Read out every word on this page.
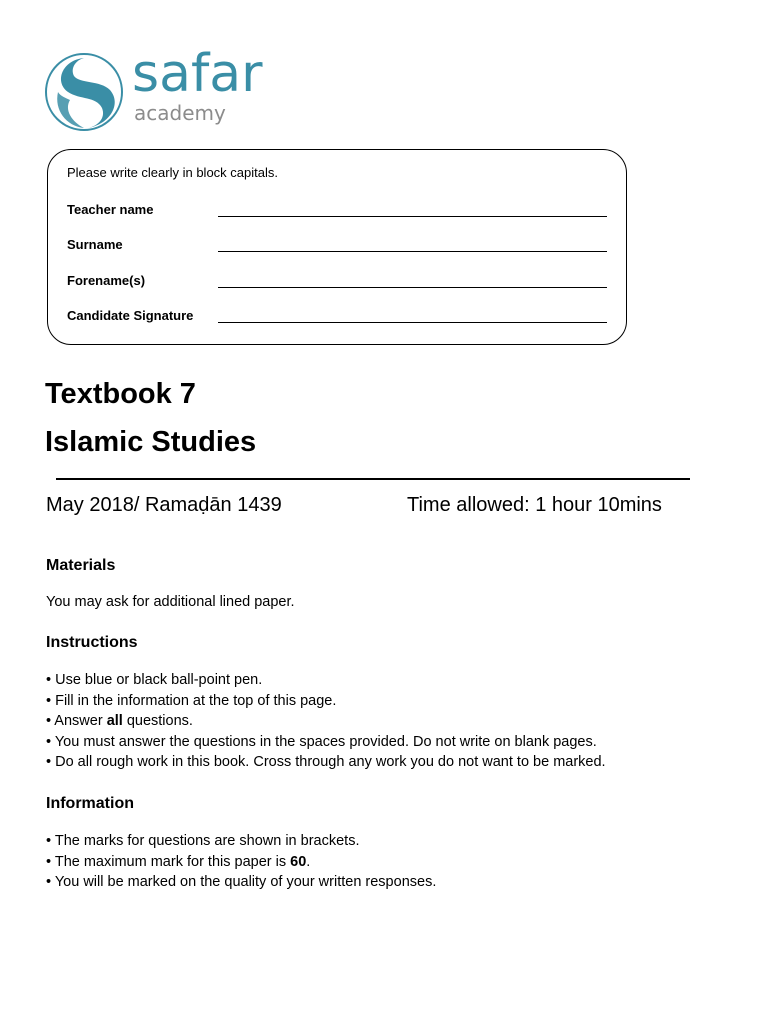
safar
academy
Please write clearly in block capitals.
Teacher name
Surname
Forename(s)
Candidate Signature
Textbook 7
Islamic Studies
May 2018/ Ramaḍān 1439	Time allowed: 1 hour 10mins
Materials
You may ask for additional lined paper.
Instructions
• Use blue or black ball-point pen.
• Fill in the information at the top of this page.
• Answer all questions.
• You must answer the questions in the spaces provided. Do not write on blank pages.
• Do all rough work in this book. Cross through any work you do not want to be marked.
Information
• The marks for questions are shown in brackets.
• The maximum mark for this paper is 60.
• You will be marked on the quality of your written responses.
